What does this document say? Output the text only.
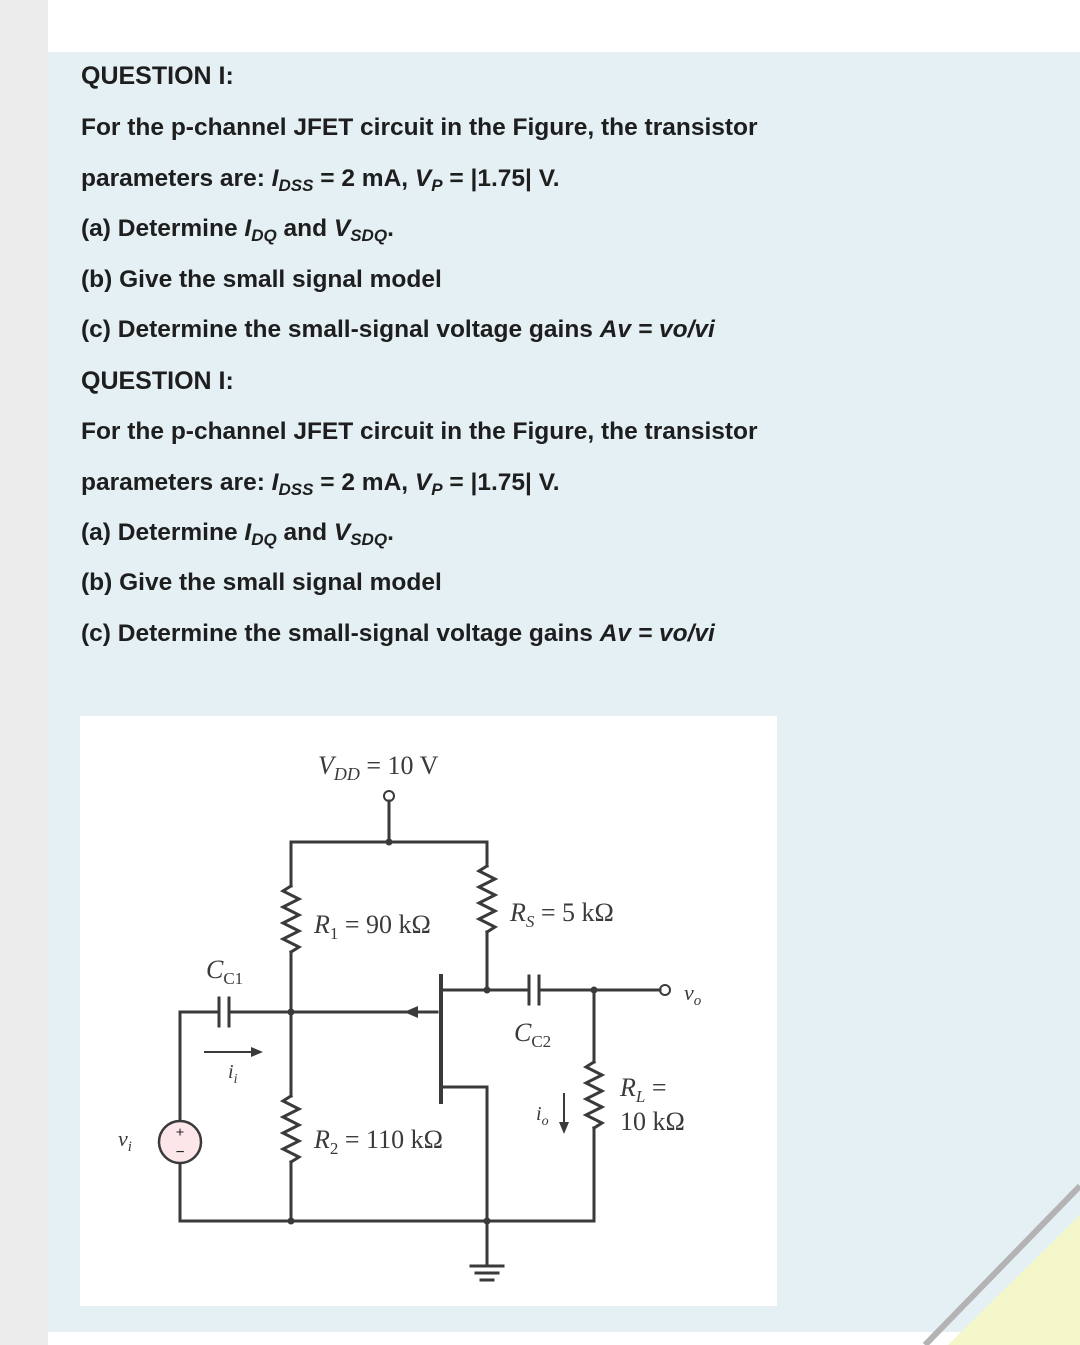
QUESTION I:
For the p-channel JFET circuit in the Figure, the transistor
parameters are: $I_{DSS} = 2$ mA, $V_P = |1.75|$ V.
(a) Determine $I_{DQ}$ and $V_{SDQ}$.
(b) Give the small signal model
(c) Determine the small-signal voltage gains Av = vo/vi
QUESTION I:
For the p-channel JFET circuit in the Figure, the transistor
parameters are: $I_{DSS} = 2$ mA, $V_P = |1.75|$ V.
(a) Determine $I_{DQ}$ and $V_{SDQ}$.
(b) Give the small signal model
(c) Determine the small-signal voltage gains Av = vo/vi
+
−
$V_{DD} = 10$ V
$R_1 = 90$ kΩ	$R_S = 5$ kΩ
$R_2 = 110$ kΩ
$R_L$ =
10 kΩ
$C_{C1}$
$C_{C2}$
$v_i$
$v_o$
$i_i$
$i_o$
